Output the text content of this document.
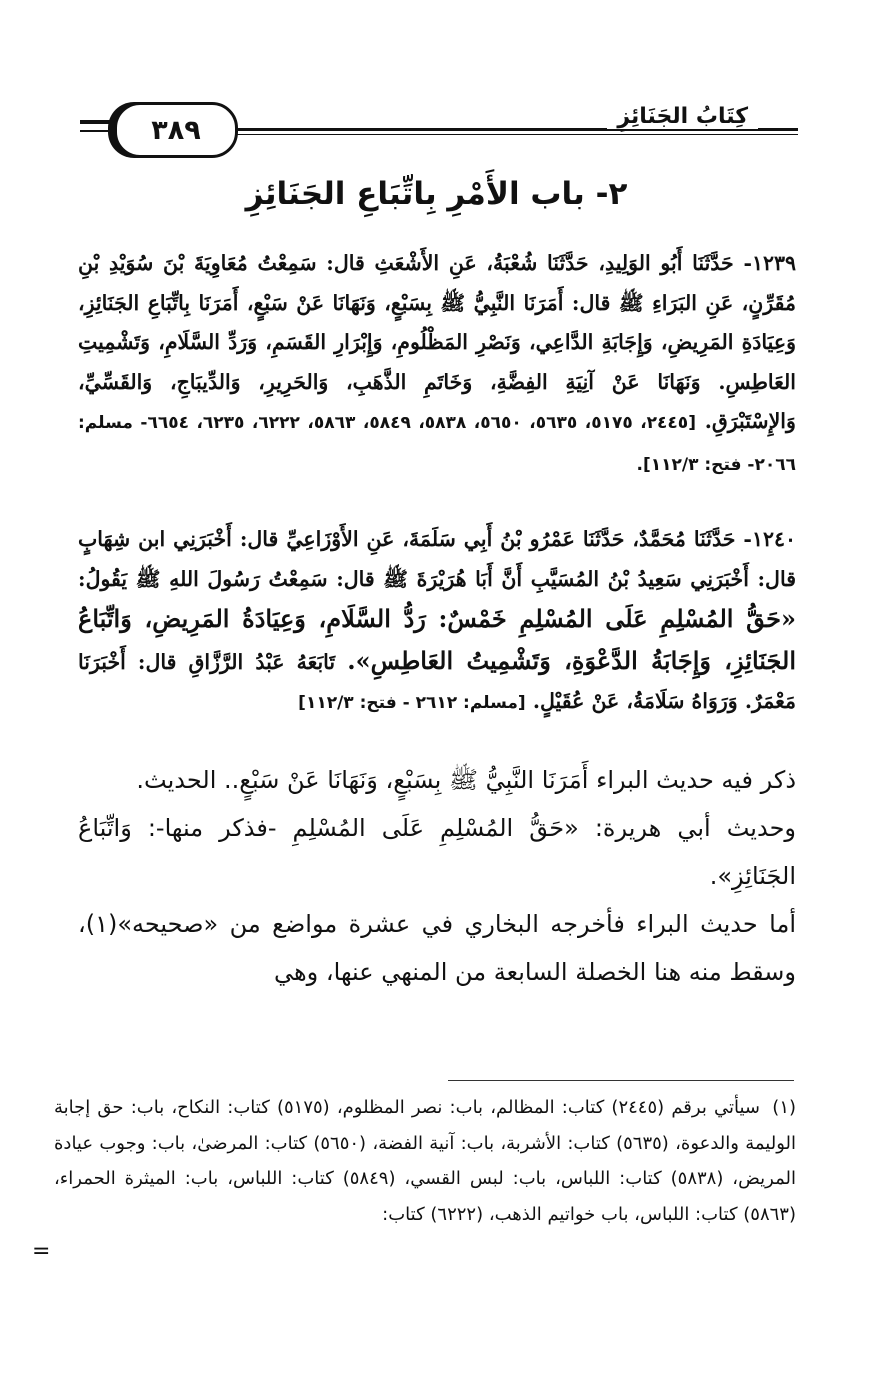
٣٨٩	كِتَابُ الجَنَائِزِ
٢- باب الأَمْرِ بِاتِّبَاعِ الجَنَائِزِ

١٢٣٩- حَدَّثَنَا أَبُو الوَلِيدِ، حَدَّثَنَا شُعْبَةُ، عَنِ الأَشْعَثِ قال: سَمِعْتُ مُعَاوِيَةَ بْنَ سُوَيْدِ بْنِ مُقَرِّنٍ، عَنِ البَرَاءِ ﷺ قال: أَمَرَنَا النَّبِيُّ ﷺ بِسَبْعٍ، وَنَهَانَا عَنْ سَبْعٍ، أَمَرَنَا بِاتِّبَاعِ الجَنَائِزِ، وَعِيَادَةِ المَرِيضِ، وَإِجَابَةِ الدَّاعِي، وَنَصْرِ المَظْلُومِ، وَإِبْرَارِ القَسَمِ، وَرَدِّ السَّلَامِ، وَتَشْمِيتِ العَاطِسِ. وَنَهَانَا عَنْ آنِيَةِ الفِضَّةِ، وَخَاتَمِ الذَّهَبِ، وَالحَرِيرِ، وَالدِّيبَاجِ، وَالقَسِّيِّ، وَالإِسْتَبْرَقِ. [٢٤٤٥، ٥١٧٥، ٥٦٣٥، ٥٦٥٠، ٥٨٣٨، ٥٨٤٩، ٥٨٦٣، ٦٢٢٢، ٦٢٣٥، ٦٦٥٤- مسلم: ٢٠٦٦- فتح: ١١٢/٣].

١٢٤٠- حَدَّثَنَا مُحَمَّدٌ، حَدَّثَنَا عَمْرُو بْنُ أَبِي سَلَمَةَ، عَنِ الأَوْزَاعِيِّ قال: أَخْبَرَنِي ابن شِهَابٍ قال: أَخْبَرَنِي سَعِيدُ بْنُ المُسَيَّبِ أَنَّ أَبَا هُرَيْرَةَ ﷺ قال: سَمِعْتُ رَسُولَ اللهِ ﷺ يَقُولُ: «حَقُّ المُسْلِمِ عَلَى المُسْلِمِ خَمْسٌ: رَدُّ السَّلَامِ، وَعِيَادَةُ المَرِيضِ، وَاتِّبَاعُ الجَنَائِزِ، وَإِجَابَةُ الدَّعْوَةِ، وَتَشْمِيتُ العَاطِسِ». تَابَعَهُ عَبْدُ الرَّزَّاقِ قال: أَخْبَرَنَا مَعْمَرٌ. وَرَوَاهُ سَلَامَةُ، عَنْ عُقَيْلٍ. [مسلم: ٢٦١٢ - فتح: ١١٢/٣]

ذكر فيه حديث البراء أَمَرَنَا النَّبِيُّ ﷺ بِسَبْعٍ، وَنَهَانَا عَنْ سَبْعٍ.. الحديث.

وحديث أبي هريرة: «حَقُّ المُسْلِمِ عَلَى المُسْلِمِ -فذكر منها-: وَاتِّبَاعُ الجَنَائِزِ».

أما حديث البراء فأخرجه البخاري في عشرة مواضع من «صحيحه»(١)، وسقط منه هنا الخصلة السابعة من المنهي عنها، وهي

(١)سيأتي برقم (٢٤٤٥) كتاب: المظالم، باب: نصر المظلوم، (٥١٧٥) كتاب: النكاح، باب: حق إجابة الوليمة والدعوة، (٥٦٣٥) كتاب: الأشربة، باب: آنية الفضة، (٥٦٥٠) كتاب: المرضىٰ، باب: وجوب عيادة المريض، (٥٨٣٨) كتاب: اللباس، باب: لبس القسي، (٥٨٤٩) كتاب: اللباس، باب: الميثرة الحمراء، (٥٨٦٣) كتاب: اللباس، باب خواتيم الذهب، (٦٢٢٢) كتاب:
=
